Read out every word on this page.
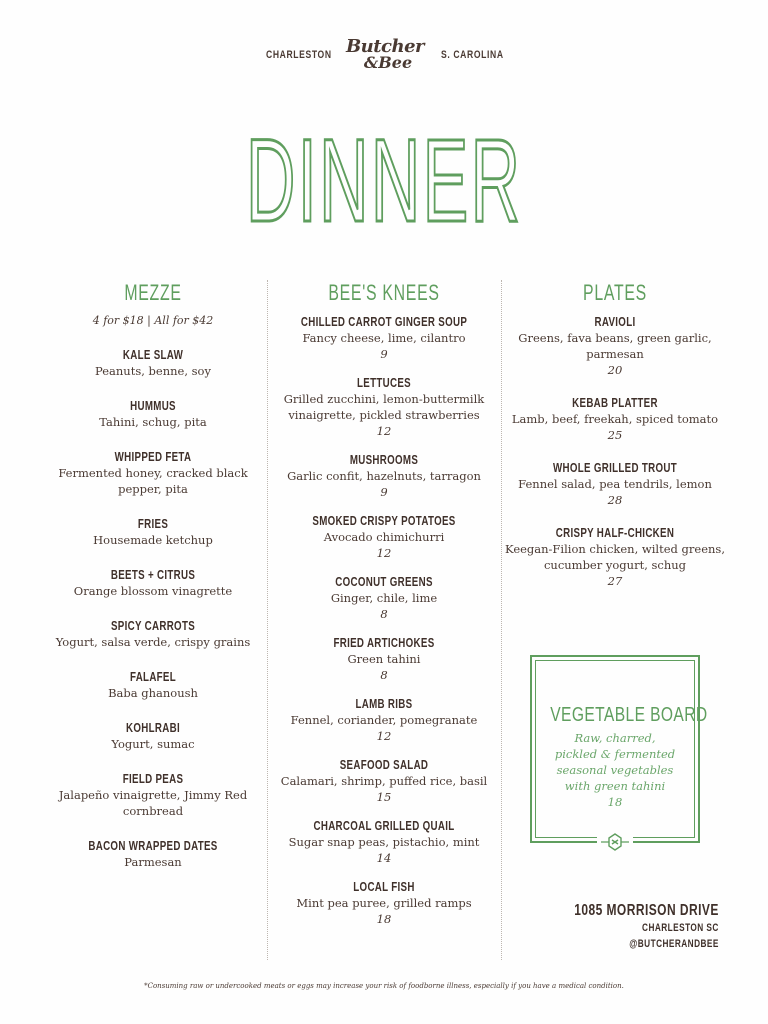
CHARLESTON Butcher
&Bee	S. CAROLINA
DINNER
MEZZE
4 for $18 | All for $42
KALE SLAW
Peanuts, benne, soy
HUMMUS
Tahini, schug, pita
WHIPPED FETA
Fermented honey, cracked black pepper, pita
FRIES
Housemade ketchup
BEETS + CITRUS
Orange blossom vinagrette
SPICY CARROTS
Yogurt, salsa verde, crispy grains
FALAFEL
Baba ghanoush
KOHLRABI
Yogurt, sumac
FIELD PEAS
Jalapeño vinaigrette, Jimmy Red cornbread
BACON WRAPPED DATES
Parmesan
BEE'S KNEES
CHILLED CARROT GINGER SOUP
Fancy cheese, lime, cilantro
9
LETTUCES
Grilled zucchini, lemon-buttermilk vinaigrette, pickled strawberries
12
MUSHROOMS
Garlic confit, hazelnuts, tarragon
9
SMOKED CRISPY POTATOES
Avocado chimichurri
12
COCONUT GREENS
Ginger, chile, lime
8
FRIED ARTICHOKES
Green tahini
8
LAMB RIBS
Fennel, coriander, pomegranate
12
SEAFOOD SALAD
Calamari, shrimp, puffed rice, basil
15
CHARCOAL GRILLED QUAIL
Sugar snap peas, pistachio, mint
14
LOCAL FISH
Mint pea puree, grilled ramps
18
PLATES
RAVIOLI
Greens, fava beans, green garlic, parmesan
20
KEBAB PLATTER
Lamb, beef, freekah, spiced tomato
25
WHOLE GRILLED TROUT
Fennel salad, pea tendrils, lemon
28
CRISPY HALF-CHICKEN
Keegan-Filion chicken, wilted greens, cucumber yogurt, schug
27
VEGETABLE BOARD
Raw, charred, pickled & fermented seasonal vegetables with green tahini
18
1085 MORRISON DRIVE
CHARLESTON SC
@BUTCHERANDBEE
*Consuming raw or undercooked meats or eggs may increase your risk of foodborne illness, especially if you have a medical condition.
